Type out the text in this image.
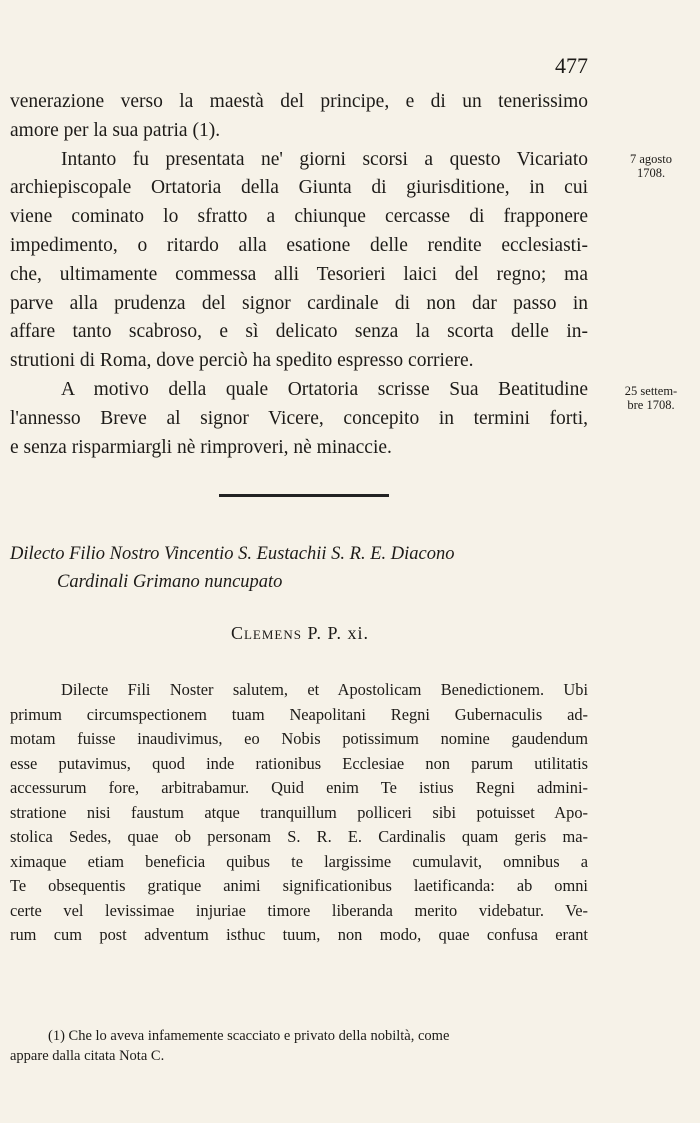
477
venerazione verso la maestà del principe, e di un tenerissimo
amore per la sua patria (1).
Intanto fu presentata ne' giorni scorsi a questo Vicariato
archiepiscopale Ortatoria della Giunta di giurisditione, in cui
viene cominato lo sfratto a chiunque cercasse di frapponere
impedimento, o ritardo alla esatione delle rendite ecclesiasti-
che, ultimamente commessa alli Tesorieri laici del regno; ma
parve alla prudenza del signor cardinale di non dar passo in
affare tanto scabroso, e sì delicato senza la scorta delle in-
strutioni di Roma, dove perciò ha spedito espresso corriere.
A motivo della quale Ortatoria scrisse Sua Beatitudine
l'annesso Breve al signor Vicere, concepito in termini forti,
e senza risparmiargli nè rimproveri, nè minaccie.
7 agosto
1708.
25 settem-
bre 1708.
Dilecto Filio Nostro Vincentio S. Eustachii S. R. E. Diacono
Cardinali Grimano nuncupato
Clemens P. P. xi.
Dilecte Fili Noster salutem, et Apostolicam Benedictionem. Ubi
primum circumspectionem tuam Neapolitani Regni Gubernaculis ad-
motam fuisse inaudivimus, eo Nobis potissimum nomine gaudendum
esse putavimus, quod inde rationibus Ecclesiae non parum utilitatis
accessurum fore, arbitrabamur. Quid enim Te istius Regni admini-
stratione nisi faustum atque tranquillum polliceri sibi potuisset Apo-
stolica Sedes, quae ob personam S. R. E. Cardinalis quam geris ma-
ximaque etiam beneficia quibus te largissime cumulavit, omnibus a
Te obsequentis gratique animi significationibus laetificanda: ab omni
certe vel levissimae injuriae timore liberanda merito videbatur. Ve-
rum cum post adventum isthuc tuum, non modo, quae confusa erant
(1) Che lo aveva infamemente scacciato e privato della nobiltà, come
appare dalla citata Nota C.
